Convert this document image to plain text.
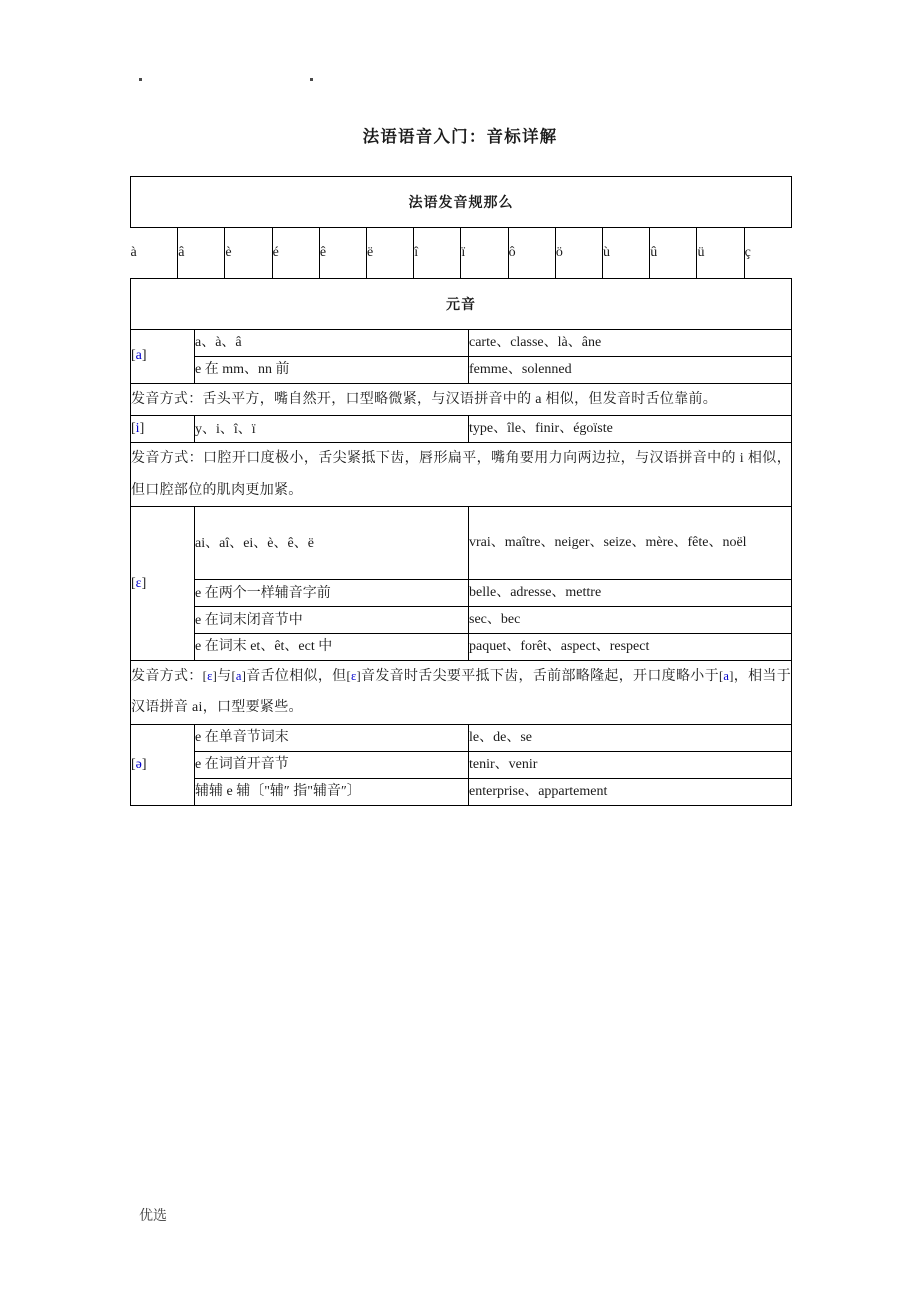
法语语音入门：音标详解
法语发音规那么

à	â	è	é	ê	ë	î	ï	ô	ö	ù	û	ü	ç

元音
[a]	a、à、â	carte、classe、là、âne
e 在 mm、nn 前	femme、solenned
发音方式：舌头平方，嘴自然开，口型略微紧，与汉语拼音中的 a 相似，但发音时舌位靠前。
[i]	y、i、î、ï	type、île、finir、égoïste
发音方式：口腔开口度极小，舌尖紧抵下齿，唇形扁平，嘴角要用力向两边拉，与汉语拼音中的 i 相似，但口腔部位的肌肉更加紧。
[ɛ]	ai、aî、ei、è、ê、ë	vrai、maître、neiger、seize、mère、fête、noël
e 在两个一样辅音字前	belle、adresse、mettre
e 在词末闭音节中	sec、bec
e 在词末 et、êt、ect 中	paquet、forêt、aspect、respect
发音方式：[ɛ]与[a]音舌位相似，但[ɛ]音发音时舌尖要平抵下齿，舌前部略隆起，开口度略小于[a]，相当于汉语拼音 ai，口型要紧些。
[ə]	e 在单音节词末	le、de、se
e 在词首开音节	tenir、venir
辅辅 e 辅〔"辅″ 指"辅音″〕	enterprise、appartement
优选
